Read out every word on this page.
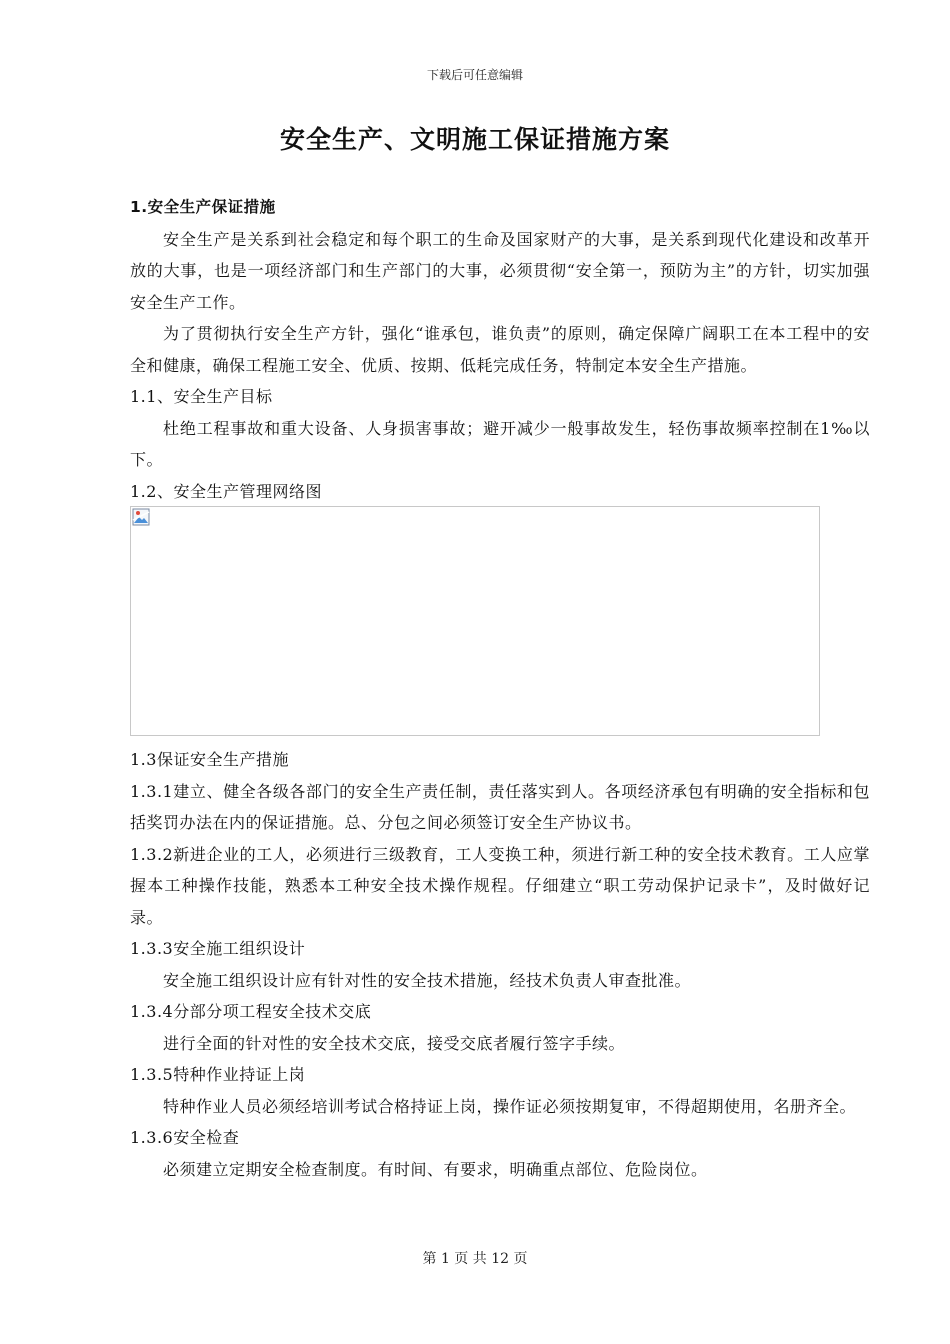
下载后可任意编辑
安全生产、文明施工保证措施方案

1.安全生产保证措施

安全生产是关系到社会稳定和每个职工的生命及国家财产的大事，是关系到现代化建设和改革开放的大事，也是一项经济部门和生产部门的大事，必须贯彻“安全第一，预防为主”的方针，切实加强安全生产工作。

为了贯彻执行安全生产方针，强化“谁承包，谁负责”的原则，确定保障广阔职工在本工程中的安全和健康，确保工程施工安全、优质、按期、低耗完成任务，特制定本安全生产措施。

1.1、安全生产目标

杜绝工程事故和重大设备、人身损害事故；避开减少一般事故发生，轻伤事故频率控制在1‰以下。

1.2、安全生产管理网络图

1.3保证安全生产措施

1.3.1建立、健全各级各部门的安全生产责任制，责任落实到人。各项经济承包有明确的安全指标和包括奖罚办法在内的保证措施。总、分包之间必须签订安全生产协议书。

1.3.2新进企业的工人，必须进行三级教育，工人变换工种，须进行新工种的安全技术教育。工人应掌握本工种操作技能，熟悉本工种安全技术操作规程。仔细建立“职工劳动保护记录卡”，及时做好记录。

1.3.3安全施工组织设计

安全施工组织设计应有针对性的安全技术措施，经技术负责人审查批准。

1.3.4分部分项工程安全技术交底

进行全面的针对性的安全技术交底，接受交底者履行签字手续。

1.3.5特种作业持证上岗

特种作业人员必须经培训考试合格持证上岗，操作证必须按期复审，不得超期使用，名册齐全。

1.3.6安全检查

必须建立定期安全检查制度。有时间、有要求，明确重点部位、危险岗位。

第 1 页 共 12 页
